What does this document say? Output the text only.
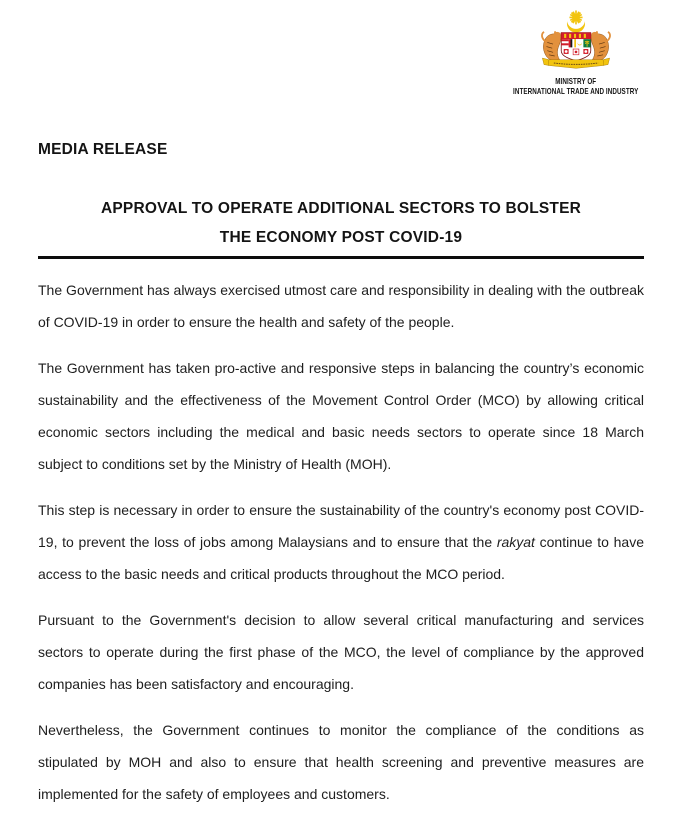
MINISTRY OF
INTERNATIONAL TRADE AND INDUSTRY
MEDIA RELEASE
APPROVAL TO OPERATE ADDITIONAL SECTORS TO BOLSTER
THE ECONOMY POST COVID-19

The Government has always exercised utmost care and responsibility in dealing with the outbreak of COVID-19 in order to ensure the health and safety of the people.

The Government has taken pro-active and responsive steps in balancing the country’s economic sustainability and the effectiveness of the Movement Control Order (MCO) by allowing critical economic sectors including the medical and basic needs sectors to operate since 18 March subject to conditions set by the Ministry of Health (MOH).

This step is necessary in order to ensure the sustainability of the country's economy post COVID-19, to prevent the loss of jobs among Malaysians and to ensure that the rakyat continue to have access to the basic needs and critical products throughout the MCO period.

Pursuant to the Government's decision to allow several critical manufacturing and services sectors to operate during the first phase of the MCO, the level of compliance by the approved companies has been satisfactory and encouraging.

Nevertheless, the Government continues to monitor the compliance of the conditions as stipulated by MOH and also to ensure that health screening and preventive measures are implemented for the safety of employees and customers.
